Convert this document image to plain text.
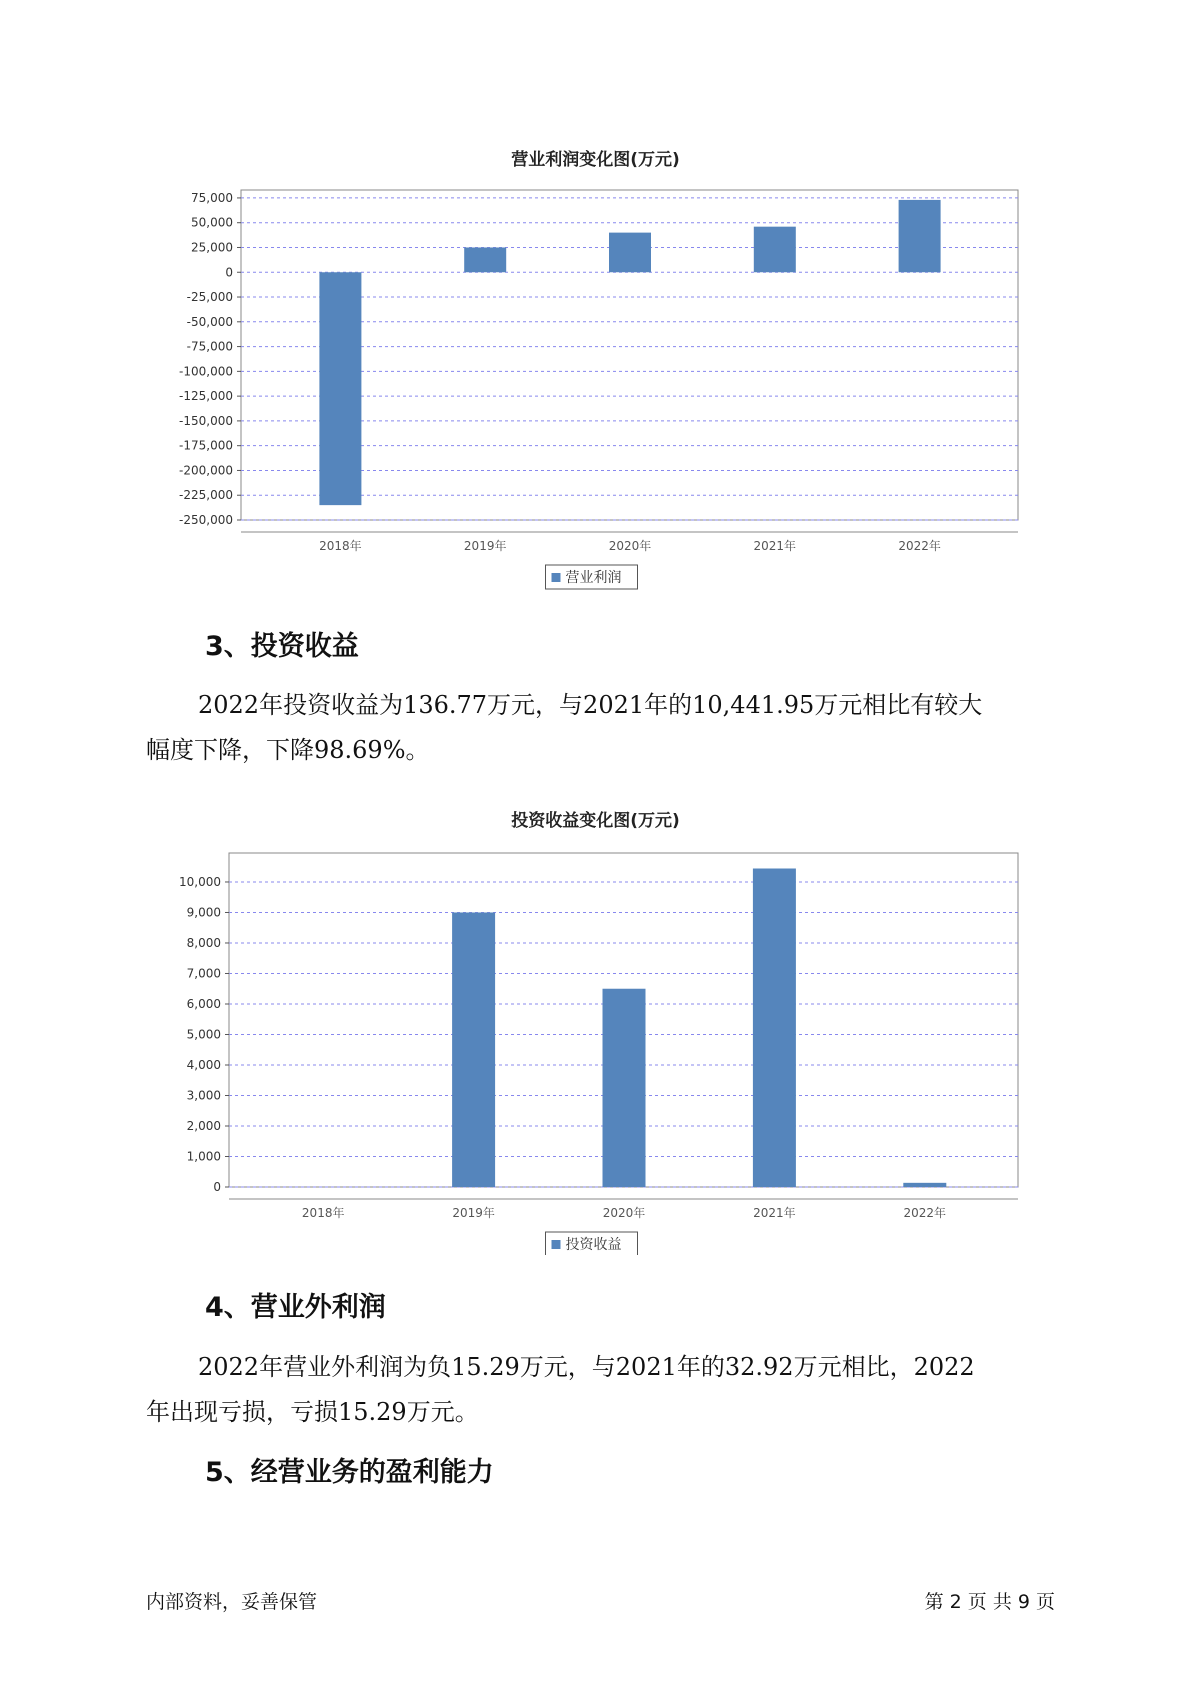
营业利润变化图(万元)
75,000
50,000
25,000
0
-25,000
-50,000
-75,000
-100,000
-125,000
-150,000
-175,000
-200,000
-225,000
-250,000
2018年	2019年	2020年	2021年	2022年
营业利润
3、投资收益
2022年投资收益为136.77万元，与2021年的10,441.95万元相比有较大
幅度下降，下降98.69%。
投资收益变化图(万元)
10,000
9,000
8,000
7,000
6,000
5,000
4,000
3,000
2,000
1,000
0
2018年	2019年	2020年	2021年	2022年
投资收益
4、营业外利润
2022年营业外利润为负15.29万元，与2021年的32.92万元相比，2022
年出现亏损，亏损15.29万元。
5、经营业务的盈利能力
内部资料，妥善保管	第 2 页 共 9 页
